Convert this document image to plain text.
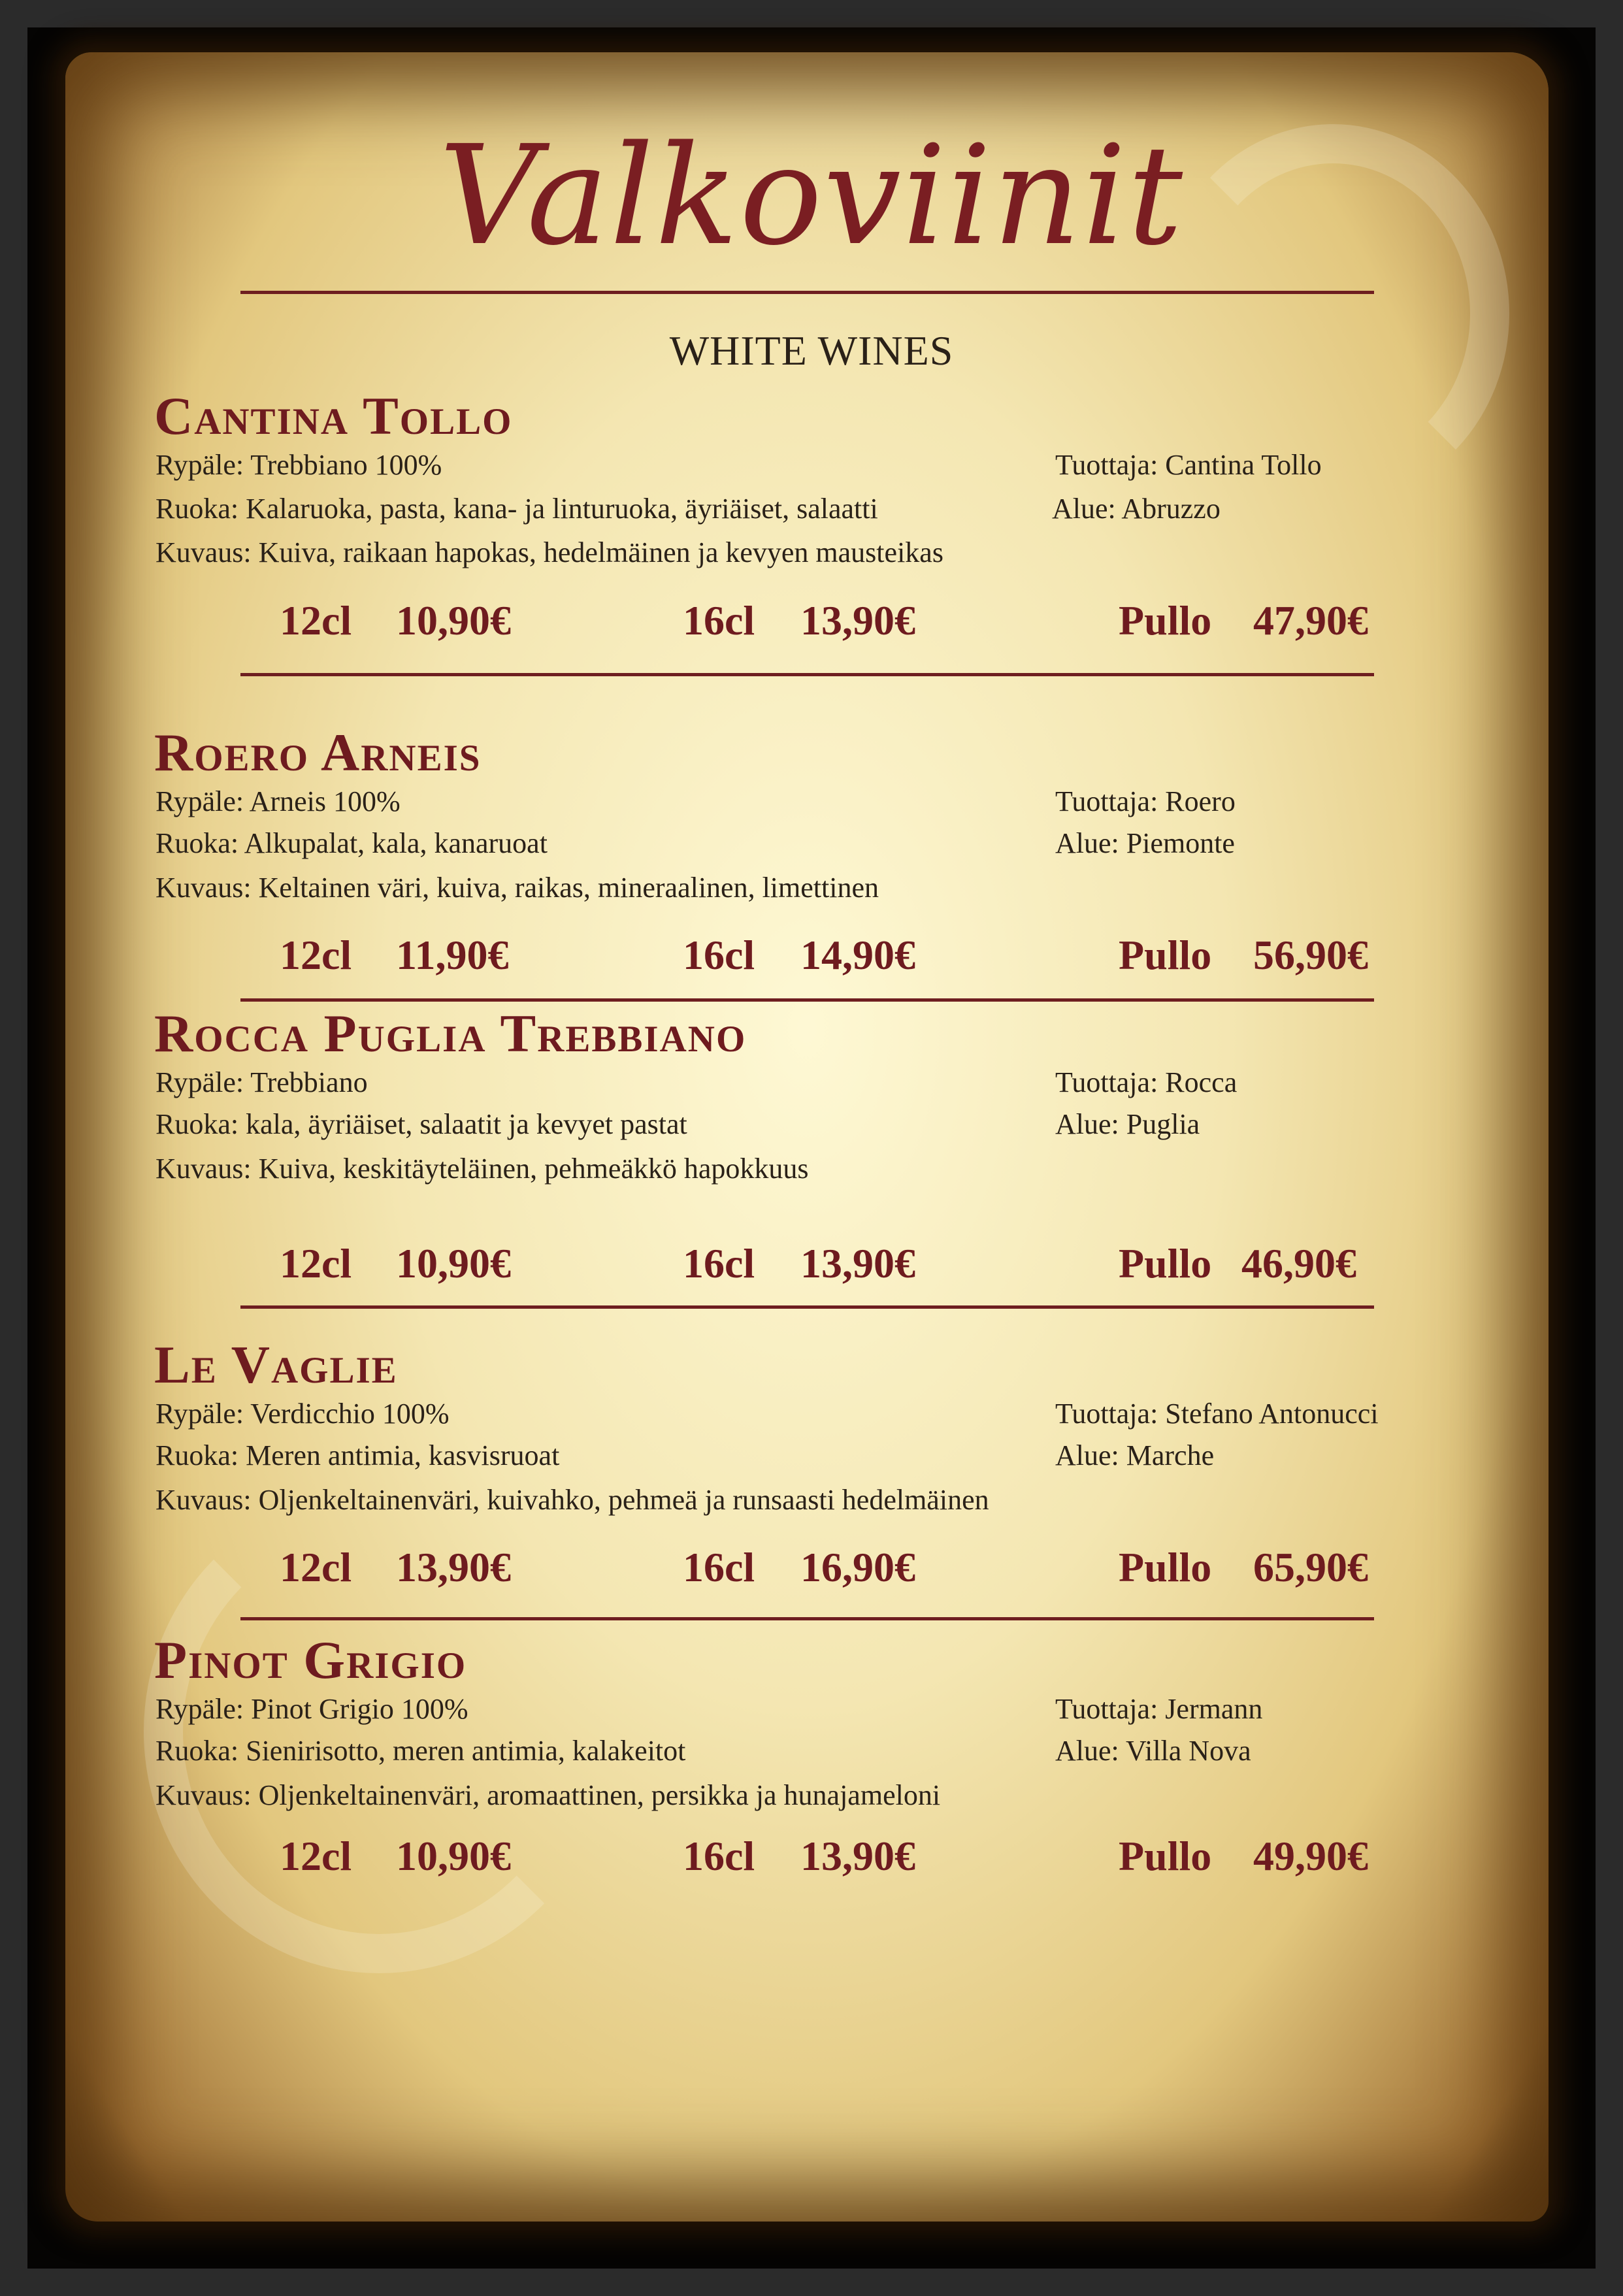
Valkoviinit
WHITE WINES
Cantina Tollo
Rypäle: Trebbiano 100%	Tuottaja: Cantina Tollo
Ruoka: Kalaruoka, pasta, kana- ja linturuoka, äyriäiset, salaatti	Alue: Abruzzo
Kuvaus: Kuiva, raikaan hapokas, hedelmäinen ja kevyen mausteikas
12cl 10,90€	16cl 13,90€	Pullo 47,90€
Roero Arneis
Rypäle: Arneis 100%	Tuottaja: Roero
Ruoka: Alkupalat, kala, kanaruoat	Alue: Piemonte
Kuvaus: Keltainen väri, kuiva, raikas, mineraalinen, limettinen
12cl 11,90€	16cl 14,90€	Pullo 56,90€
Rocca Puglia Trebbiano
Rypäle: Trebbiano	Tuottaja: Rocca
Ruoka: kala, äyriäiset, salaatit ja kevyet pastat	Alue: Puglia
Kuvaus: Kuiva, keskitäyteläinen, pehmeäkkö hapokkuus
12cl 10,90€	16cl 13,90€	Pullo 46,90€
Le Vaglie
Rypäle: Verdicchio 100%	Tuottaja: Stefano Antonucci
Ruoka: Meren antimia, kasvisruoat	Alue: Marche
Kuvaus: Oljenkeltainenväri, kuivahko, pehmeä ja runsaasti hedelmäinen
12cl 13,90€	16cl 16,90€	Pullo 65,90€
Pinot Grigio
Rypäle: Pinot Grigio 100%	Tuottaja: Jermann
Ruoka: Sienirisotto, meren antimia, kalakeitot	Alue: Villa Nova
Kuvaus: Oljenkeltainenväri, aromaattinen, persikka ja hunajameloni
12cl 10,90€	16cl 13,90€	Pullo 49,90€
